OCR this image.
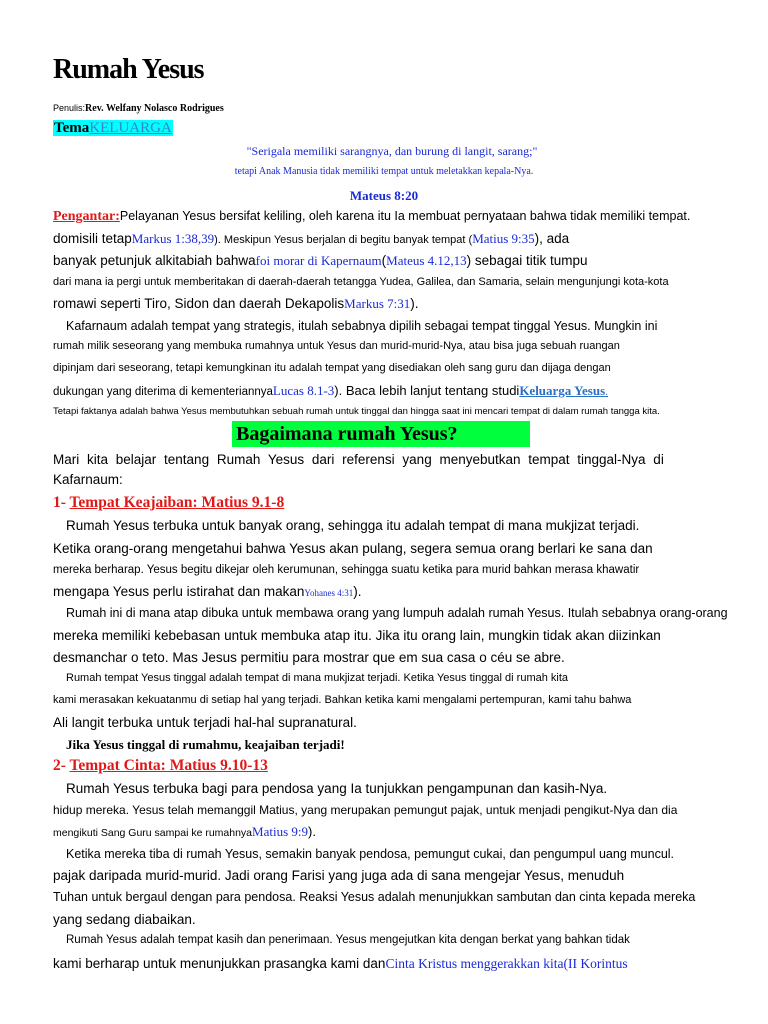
Rumah Yesus
Penulis:Rev. Welfany Nolasco Rodrigues
TemaKELUARGA
"Serigala memiliki sarangnya, dan burung di langit, sarang;"
tetapi Anak Manusia tidak memiliki tempat untuk meletakkan kepala-Nya.
Mateus 8:20
Pengantar:Pelayanan Yesus bersifat keliling, oleh karena itu Ia membuat pernyataan bahwa tidak memiliki tempat.
domisili tetapMarkus 1:38,39). Meskipun Yesus berjalan di begitu banyak tempat (Matius 9:35), ada
banyak petunjuk alkitabiah bahwafoi morar di Kapernaum(Mateus 4.12,13) sebagai titik tumpu
dari mana ia pergi untuk memberitakan di daerah-daerah tetangga Yudea, Galilea, dan Samaria, selain mengunjungi kota-kota
romawi seperti Tiro, Sidon dan daerah DekapolisMarkus 7:31).
Kafarnaum adalah tempat yang strategis, itulah sebabnya dipilih sebagai tempat tinggal Yesus. Mungkin ini
rumah milik seseorang yang membuka rumahnya untuk Yesus dan murid-murid-Nya, atau bisa juga sebuah ruangan
dipinjam dari seseorang, tetapi kemungkinan itu adalah tempat yang disediakan oleh sang guru dan dijaga dengan
dukungan yang diterima di kementeriannyaLucas 8.1-3). Baca lebih lanjut tentang studiKeluarga Yesus.
Tetapi faktanya adalah bahwa Yesus membutuhkan sebuah rumah untuk tinggal dan hingga saat ini mencari tempat di dalam rumah tangga kita.
Bagaimana rumah Yesus?
Mari kita belajar tentang Rumah Yesus dari referensi yang menyebutkan tempat tinggal-Nya di
Kafarnaum:
1- Tempat Keajaiban: Matius 9.1-8
Rumah Yesus terbuka untuk banyak orang, sehingga itu adalah tempat di mana mukjizat terjadi.
Ketika orang-orang mengetahui bahwa Yesus akan pulang, segera semua orang berlari ke sana dan
mereka berharap. Yesus begitu dikejar oleh kerumunan, sehingga suatu ketika para murid bahkan merasa khawatir
mengapa Yesus perlu istirahat dan makanYohanes 4:31).
Rumah ini di mana atap dibuka untuk membawa orang yang lumpuh adalah rumah Yesus. Itulah sebabnya orang-orang
mereka memiliki kebebasan untuk membuka atap itu. Jika itu orang lain, mungkin tidak akan diizinkan
desmanchar o teto. Mas Jesus permitiu para mostrar que em sua casa o céu se abre.
Rumah tempat Yesus tinggal adalah tempat di mana mukjizat terjadi. Ketika Yesus tinggal di rumah kita
kami merasakan kekuatanmu di setiap hal yang terjadi. Bahkan ketika kami mengalami pertempuran, kami tahu bahwa
Ali langit terbuka untuk terjadi hal-hal supranatural.
Jika Yesus tinggal di rumahmu, keajaiban terjadi!
2- Tempat Cinta: Matius 9.10-13
Rumah Yesus terbuka bagi para pendosa yang Ia tunjukkan pengampunan dan kasih-Nya.
hidup mereka. Yesus telah memanggil Matius, yang merupakan pemungut pajak, untuk menjadi pengikut-Nya dan dia
mengikuti Sang Guru sampai ke rumahnyaMatius 9:9).
Ketika mereka tiba di rumah Yesus, semakin banyak pendosa, pemungut cukai, dan pengumpul uang muncul.
pajak daripada murid-murid. Jadi orang Farisi yang juga ada di sana mengejar Yesus, menuduh
Tuhan untuk bergaul dengan para pendosa. Reaksi Yesus adalah menunjukkan sambutan dan cinta kepada mereka
yang sedang diabaikan.
Rumah Yesus adalah tempat kasih dan penerimaan. Yesus mengejutkan kita dengan berkat yang bahkan tidak
kami berharap untuk menunjukkan prasangka kami danCinta Kristus menggerakkan kita(II Korintus
